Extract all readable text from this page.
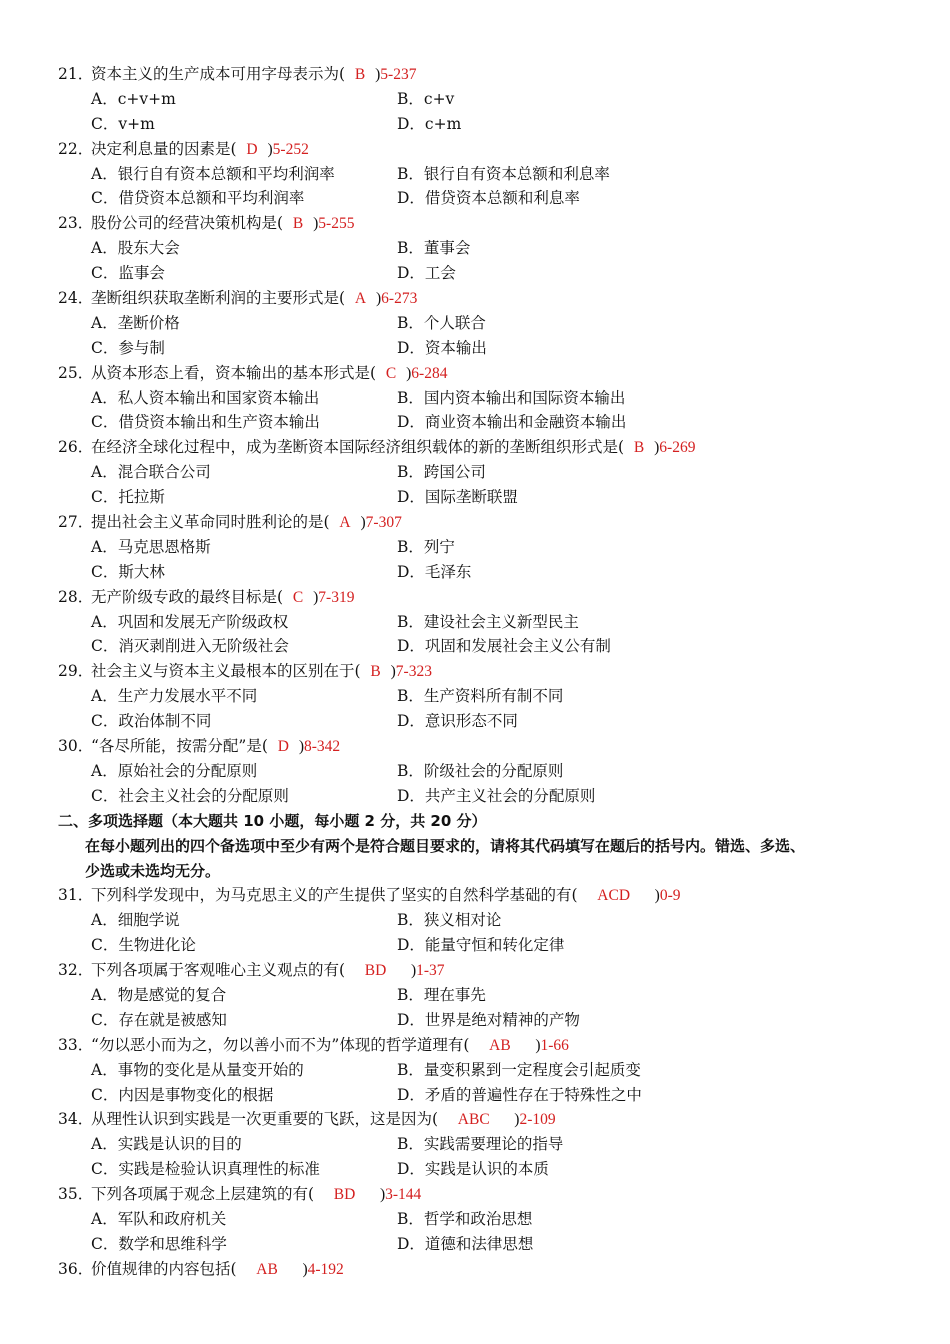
21．资本主义的生产成本可用字母表示为( B )5-237
A．c+v+m	B．c+v
C．v+m	D．c+m
22．决定利息量的因素是( D )5-252
A．银行自有资本总额和平均利润率	B．银行自有资本总额和利息率
C．借贷资本总额和平均利润率	D．借贷资本总额和利息率
23．股份公司的经营决策机构是( B )5-255
A．股东大会	B．董事会
C．监事会	D．工会
24．垄断组织获取垄断利润的主要形式是( A )6-273
A．垄断价格	B．个人联合
C．参与制	D．资本输出
25．从资本形态上看，资本输出的基本形式是( C )6-284
A．私人资本输出和国家资本输出	B．国内资本输出和国际资本输出
C．借贷资本输出和生产资本输出	D．商业资本输出和金融资本输出
26．在经济全球化过程中，成为垄断资本国际经济组织载体的新的垄断组织形式是( B )6-269
A．混合联合公司	B．跨国公司
C．托拉斯	D．国际垄断联盟
27．提出社会主义革命同时胜利论的是( A )7-307
A．马克思恩格斯	B．列宁
C．斯大林	D．毛泽东
28．无产阶级专政的最终目标是( C )7-319
A．巩固和发展无产阶级政权	B．建设社会主义新型民主
C．消灭剥削进入无阶级社会	D．巩固和发展社会主义公有制
29．社会主义与资本主义最根本的区别在于( B )7-323
A．生产力发展水平不同	B．生产资料所有制不同
C．政治体制不同	D．意识形态不同
30．“各尽所能，按需分配”是( D )8-342
A．原始社会的分配原则	B．阶级社会的分配原则
C．社会主义社会的分配原则	D．共产主义社会的分配原则
二、多项选择题（本大题共 10 小题，每小题 2 分，共 20 分）
在每小题列出的四个备选项中至少有两个是符合题目要求的，请将其代码填写在题后的括号内。错选、多选、
少选或未选均无分。
31．下列科学发现中，为马克思主义的产生提供了坚实的自然科学基础的有( ACD )0-9
A．细胞学说	B．狭义相对论
C．生物进化论	D．能量守恒和转化定律
32．下列各项属于客观唯心主义观点的有( BD )1-37
A．物是感觉的复合	B．理在事先
C．存在就是被感知	D．世界是绝对精神的产物
33．“勿以恶小而为之，勿以善小而不为”体现的哲学道理有( AB )1-66
A．事物的变化是从量变开始的	B．量变积累到一定程度会引起质变
C．内因是事物变化的根据	D．矛盾的普遍性存在于特殊性之中
34．从理性认识到实践是一次更重要的飞跃，这是因为( ABC )2-109
A．实践是认识的目的	B．实践需要理论的指导
C．实践是检验认识真理性的标准	D．实践是认识的本质
35．下列各项属于观念上层建筑的有( BD )3-144
A．军队和政府机关	B．哲学和政治思想
C．数学和思维科学	D．道德和法律思想
36．价值规律的内容包括( AB )4-192
